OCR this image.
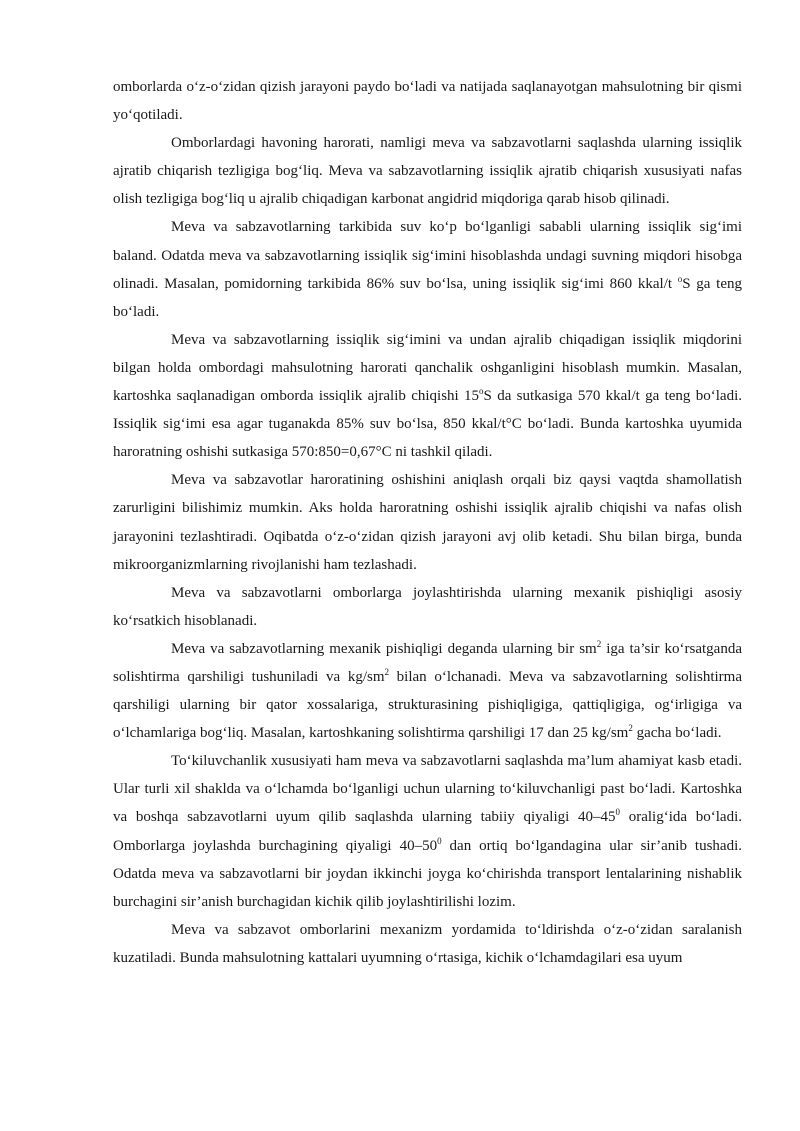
omborlarda o‘z-o‘zidan qizish jarayoni paydo bo‘ladi va natijada saqlanayotgan mahsulotning bir qismi yo‘qotiladi.

Omborlardagi havoning harorati, namligi meva va sabzavotlarni saqlashda ularning issiqlik ajratib chiqarish tezligiga bog‘liq. Meva va sabzavotlarning issiqlik ajratib chiqarish xususiyati nafas olish tezligiga bog‘liq u ajralib chiqadigan karbonat angidrid miqdoriga qarab hisob qilinadi.

Meva va sabzavotlarning tarkibida suv ko‘p bo‘lganligi sababli ularning issiqlik sig‘imi baland. Odatda meva va sabzavotlarning issiqlik sig‘imini hisoblashda undagi suvning miqdori hisobga olinadi. Masalan, pomidorning tarkibida 86% suv bo‘lsa, uning issiqlik sig‘imi 860 kkal/t $^o$S ga teng bo‘ladi.

Meva va sabzavotlarning issiqlik sig‘imini va undan ajralib chiqadigan issiqlik miqdorini bilgan holda ombordagi mahsulotning harorati qanchalik oshganligini hisoblash mumkin. Masalan, kartoshka saqlanadigan omborda issiqlik ajralib chiqishi 15$^o$S da sutkasiga 570 kkal/t ga teng bo‘ladi. Issiqlik sig‘imi esa agar tuganakda 85% suv bo‘lsa, 850 kkal/t°C bo‘ladi. Bunda kartoshka uyumida haroratning oshishi sutkasiga 570:850=0,67°C ni tashkil qiladi.

Meva va sabzavotlar haroratining oshishini aniqlash orqali biz qaysi vaqtda shamollatish zarurligini bilishimiz mumkin. Aks holda haroratning oshishi issiqlik ajralib chiqishi va nafas olish jarayonini tezlashtiradi. Oqibatda o‘z-o‘zidan qizish jarayoni avj olib ketadi. Shu bilan birga, bunda mikroorganizmlarning rivojlanishi ham tezlashadi.

Meva va sabzavotlarni omborlarga joylashtirishda ularning mexanik pishiqligi asosiy ko‘rsatkich hisoblanadi.

Meva va sabzavotlarning mexanik pishiqligi deganda ularning bir $sm^2$ iga ta’sir ko‘rsatganda solishtirma qarshiligi tushuniladi va $kg/sm^2$ bilan o‘lchanadi. Meva va sabzavotlarning solishtirma qarshiligi ularning bir qator xossalariga, strukturasining pishiqligiga, qattiqligiga, og‘irligiga va o‘lchamlariga bog‘liq. Masalan, kartoshkaning solishtirma qarshiligi 17 dan 25 $kg/sm^2$ gacha bo‘ladi.

To‘kiluvchanlik xususiyati ham meva va sabzavotlarni saqlashda ma’lum ahamiyat kasb etadi. Ular turli xil shaklda va o‘lchamda bo‘lganligi uchun ularning to‘kiluvchanligi past bo‘ladi. Kartoshka va boshqa sabzavotlarni uyum qilib saqlashda ularning tabiiy qiyaligi $40-45^0$ oralig‘ida bo‘ladi. Omborlarga joylashda burchagining qiyaligi $40-50^0$ dan ortiq bo‘lgandagina ular sir’anib tushadi. Odatda meva va sabzavotlarni bir joydan ikkinchi joyga ko‘chirishda transport lentalarining nishablik burchagini sir’anish burchagidan kichik qilib joylashtirilishi lozim.

Meva va sabzavot omborlarini mexanizm yordamida to‘ldirishda o‘z-o‘zidan saralanish kuzatiladi. Bunda mahsulotning kattalari uyumning o‘rtasiga, kichik o‘lchamdagilari esa uyum
